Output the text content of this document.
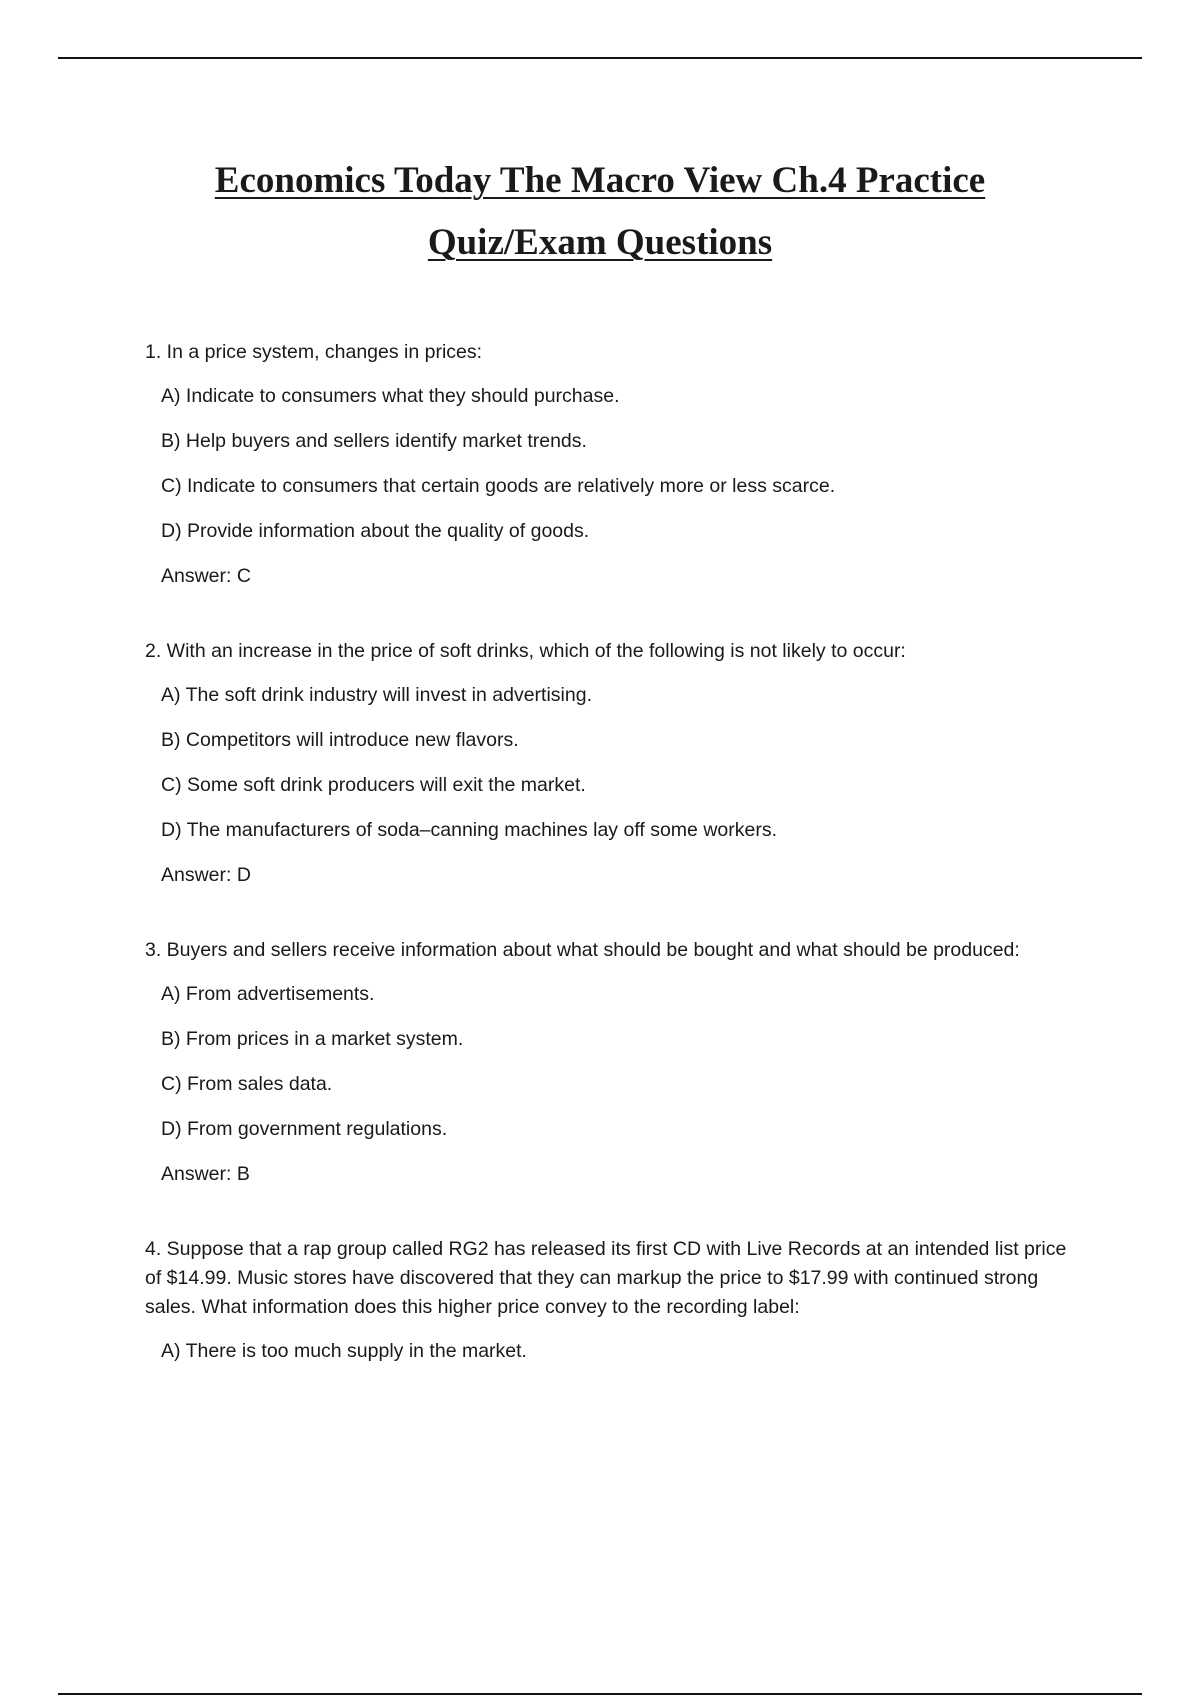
Economics Today The Macro View Ch.4 Practice
Quiz/Exam Questions
1. In a price system, changes in prices:
A) Indicate to consumers what they should purchase.
B) Help buyers and sellers identify market trends.
C) Indicate to consumers that certain goods are relatively more or less scarce.
D) Provide information about the quality of goods.
Answer: C
2. With an increase in the price of soft drinks, which of the following is not likely to occur:
A) The soft drink industry will invest in advertising.
B) Competitors will introduce new flavors.
C) Some soft drink producers will exit the market.
D) The manufacturers of soda–canning machines lay off some workers.
Answer: D
3. Buyers and sellers receive information about what should be bought and what should be produced:
A) From advertisements.
B) From prices in a market system.
C) From sales data.
D) From government regulations.
Answer: B
4. Suppose that a rap group called RG2 has released its first CD with Live Records at an intended list price of $14.99. Music stores have discovered that they can markup the price to $17.99 with continued strong sales. What information does this higher price convey to the recording label:
A) There is too much supply in the market.
